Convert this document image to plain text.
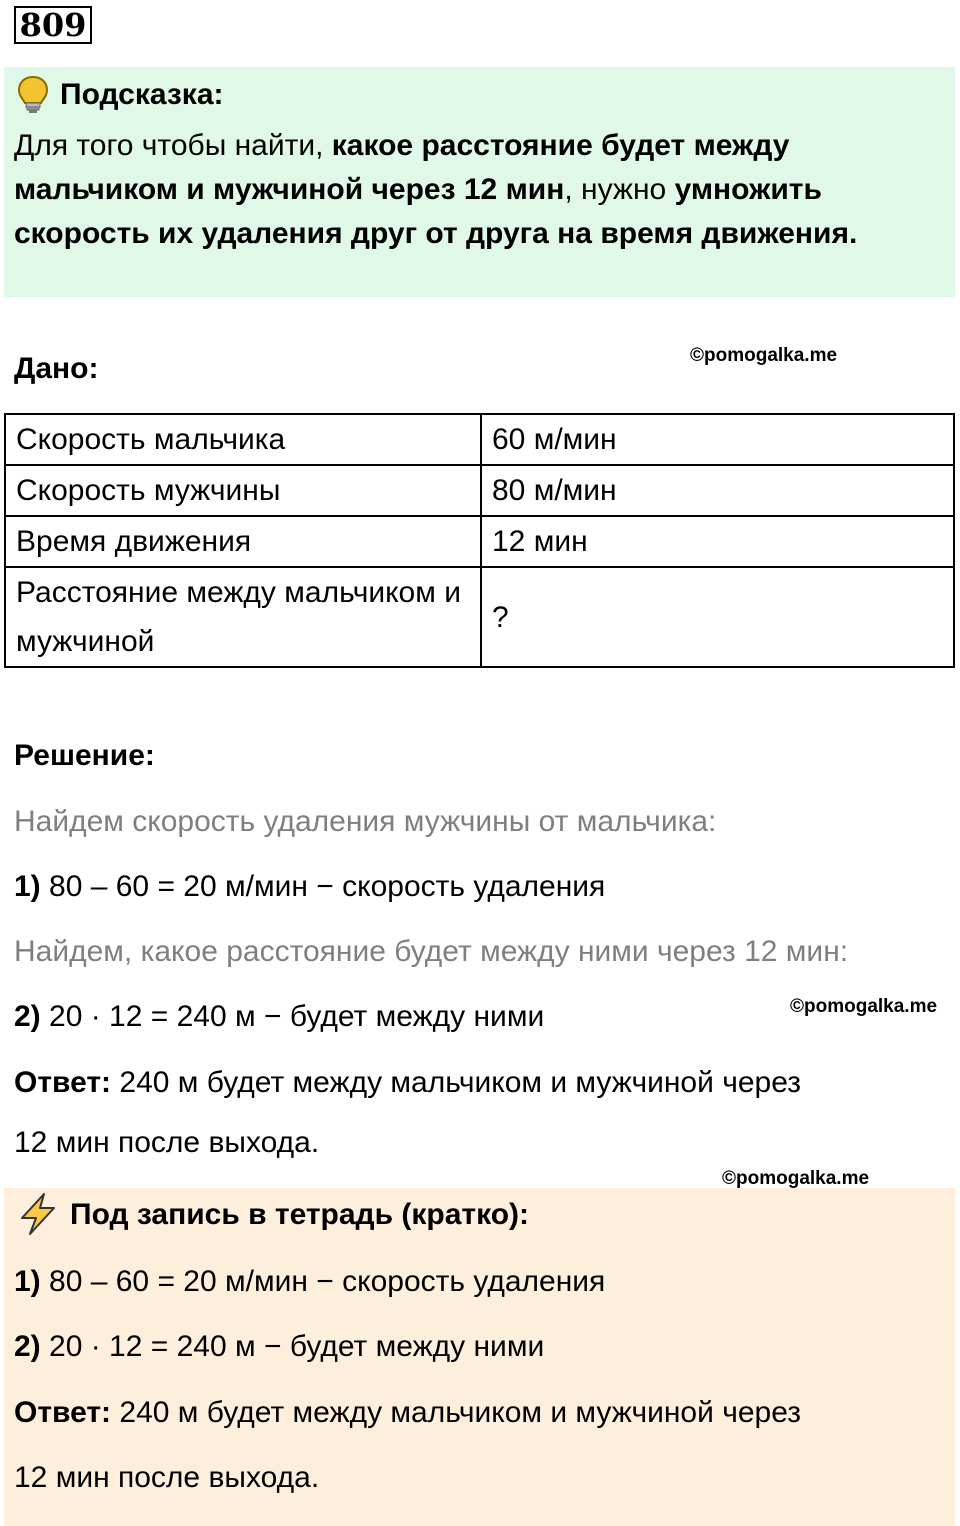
809
Подсказка:
Для того чтобы найти, какое расстояние будет между мальчиком и мужчиной через 12 мин, нужно умножить скорость их удаления друг от друга на время движения.
Дано:	©pomogalka.me
Скорость мальчика	60 м/мин
Скорость мужчины	80 м/мин
Время движения	12 мин
Расстояние между мальчиком и мужчиной	?
Решение:
Найдем скорость удаления мужчины от мальчика:
1) 80 – 60 = 20 м/мин − скорость удаления
Найдем, какое расстояние будет между ними через 12 мин:
2) 20 · 12 = 240 м − будет между ними	©pomogalka.me
Ответ: 240 м будет между мальчиком и мужчиной через
12 мин после выхода.
©pomogalka.me
Под запись в тетрадь (кратко):
1) 80 – 60 = 20 м/мин − скорость удаления
2) 20 · 12 = 240 м − будет между ними
Ответ: 240 м будет между мальчиком и мужчиной через
12 мин после выхода.
